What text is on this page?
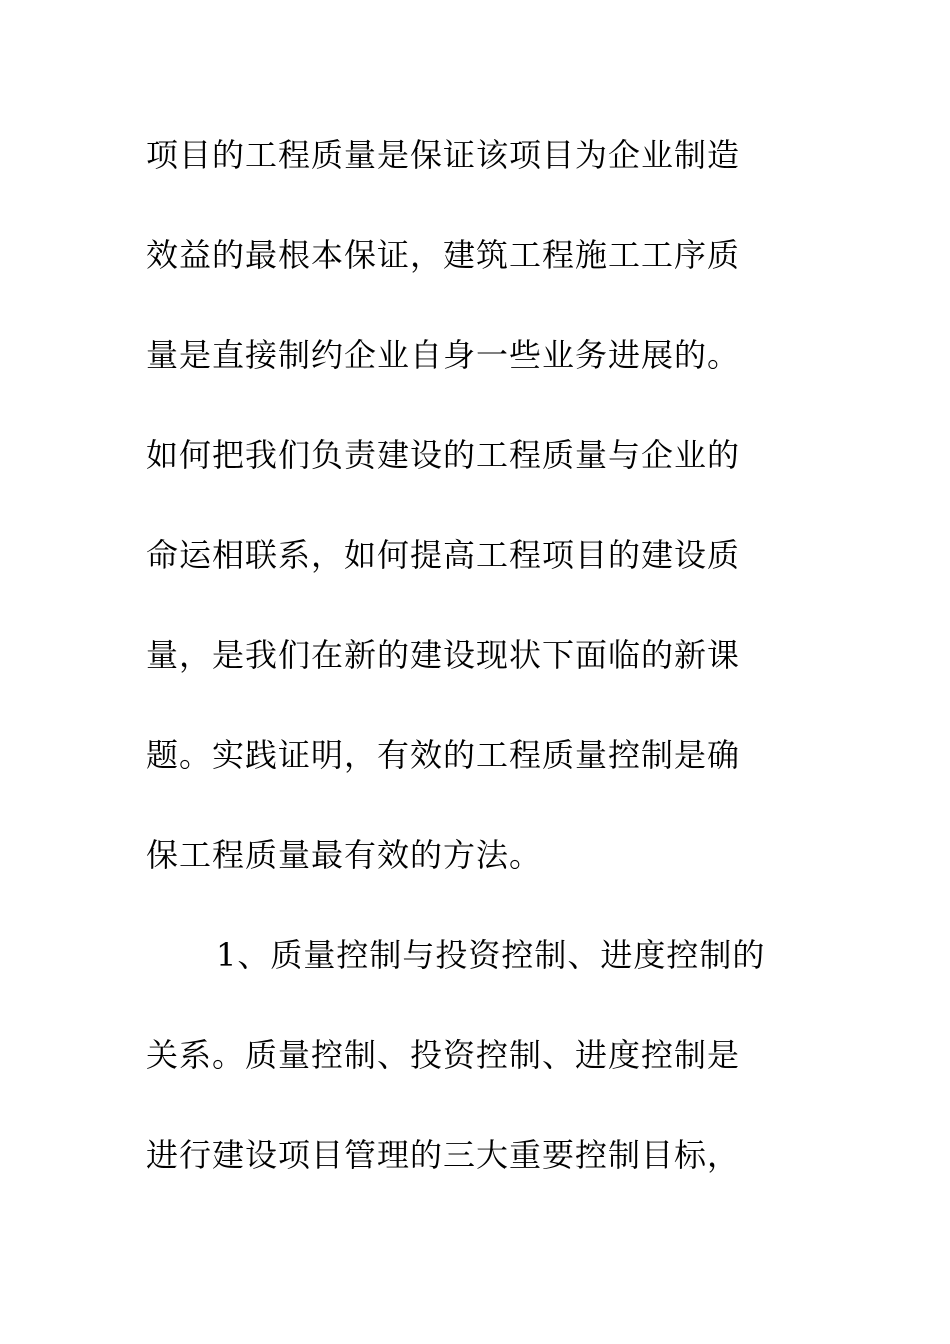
项目的工程质量是保证该项目为企业制造
效益的最根本保证，建筑工程施工工序质
量是直接制约企业自身一些业务进展的。
如何把我们负责建设的工程质量与企业的
命运相联系，如何提高工程项目的建设质
量，是我们在新的建设现状下面临的新课
题。实践证明，有效的工程质量控制是确
保工程质量最有效的方法。
1、质量控制与投资控制、进度控制的
关系。质量控制、投资控制、进度控制是
进行建设项目管理的三大重要控制目标，
